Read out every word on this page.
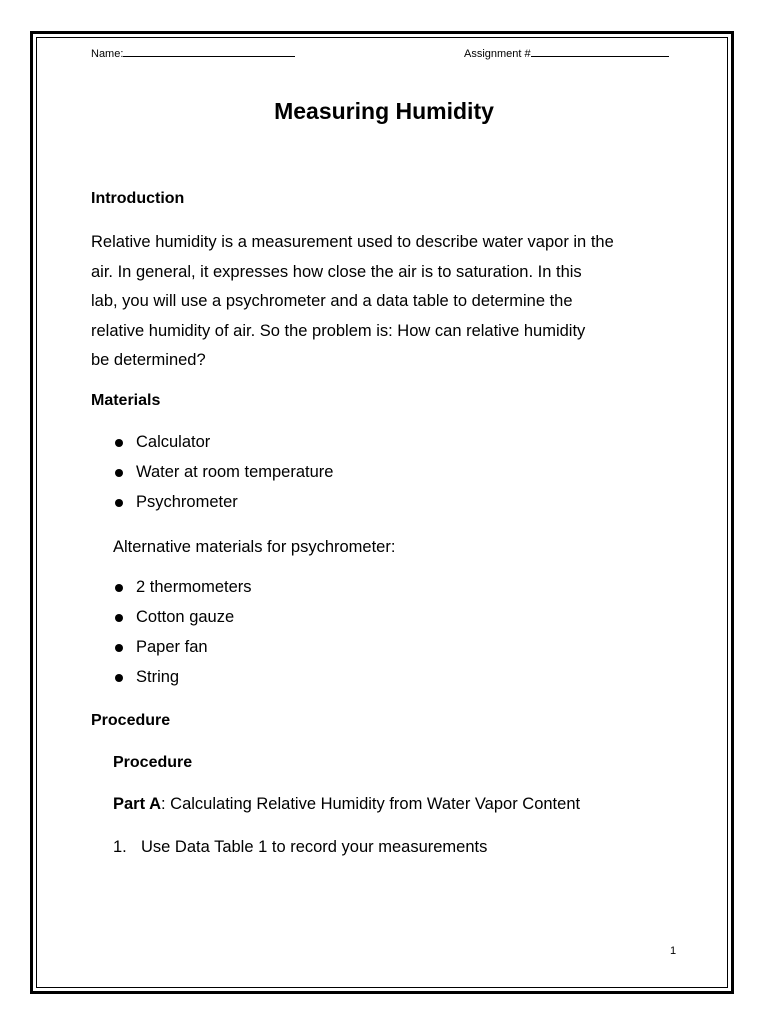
Name:	Assignment #
Measuring Humidity
Introduction
Relative humidity is a measurement used to describe water vapor in the
air. In general, it expresses how close the air is to saturation. In this
lab, you will use a psychrometer and a data table to determine the
relative humidity of air. So the problem is: How can relative humidity
be determined?
Materials
Calculator
Water at room temperature
Psychrometer
Alternative materials for psychrometer:
2 thermometers
Cotton gauze
Paper fan
String
Procedure
Procedure
Part A: Calculating Relative Humidity from Water Vapor Content
1. Use Data Table 1 to record your measurements
1
